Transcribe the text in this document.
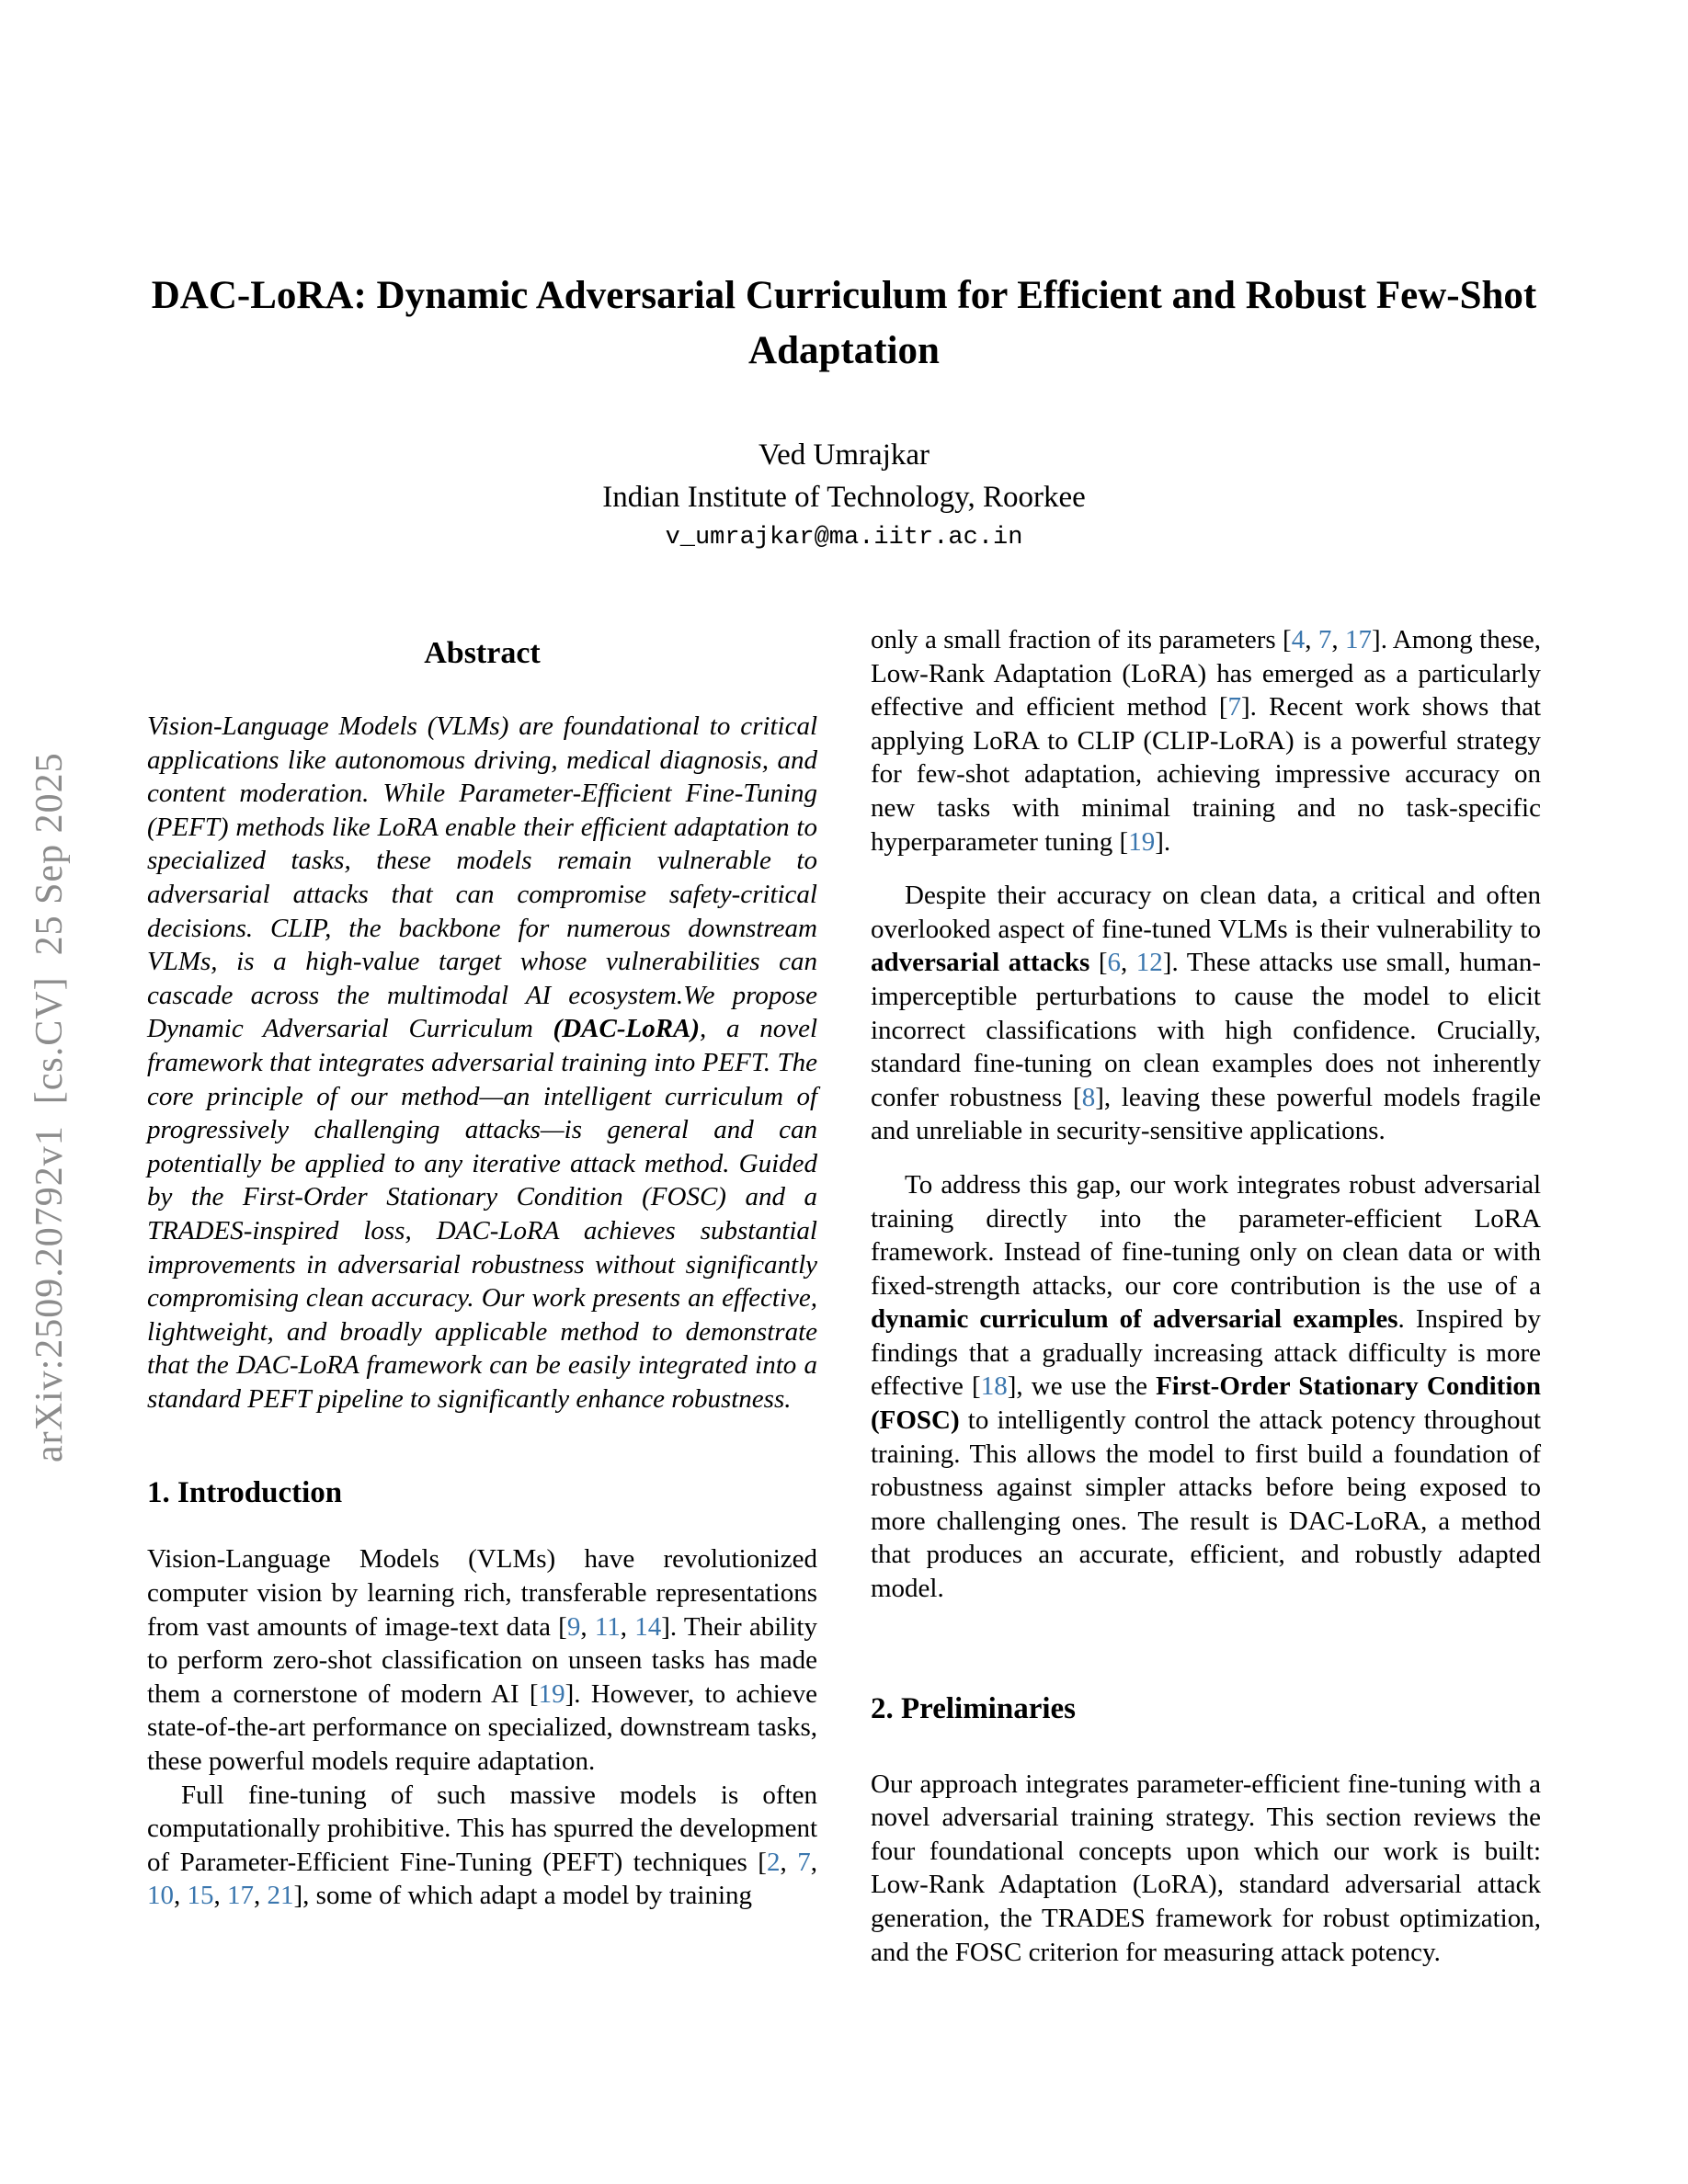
arXiv:2509.20792v1  [cs.CV]  25 Sep 2025
DAC-LoRA: Dynamic Adversarial Curriculum for Efficient and Robust Few-Shot Adaptation
Ved Umrajkar
Indian Institute of Technology, Roorkee
v_umrajkar@ma.iitr.ac.in
Abstract

Vision-Language Models (VLMs) are foundational to critical applications like autonomous driving, medical diagnosis, and content moderation. While Parameter-Efficient Fine-Tuning (PEFT) methods like LoRA enable their efficient adaptation to specialized tasks, these models remain vulnerable to adversarial attacks that can compromise safety-critical decisions. CLIP, the backbone for numerous downstream VLMs, is a high-value target whose vulnerabilities can cascade across the multimodal AI ecosystem.We propose Dynamic Adversarial Curriculum (DAC-LoRA), a novel framework that integrates adversarial training into PEFT. The core principle of our method—an intelligent curriculum of progressively challenging attacks—is general and can potentially be applied to any iterative attack method. Guided by the First-Order Stationary Condition (FOSC) and a TRADES-inspired loss, DAC-LoRA achieves substantial improvements in adversarial robustness without significantly compromising clean accuracy. Our work presents an effective, lightweight, and broadly applicable method to demonstrate that the DAC-LoRA framework can be easily integrated into a standard PEFT pipeline to significantly enhance robustness.

1. Introduction

Vision-Language Models (VLMs) have revolutionized computer vision by learning rich, transferable representations from vast amounts of image-text data [9, 11, 14]. Their ability to perform zero-shot classification on unseen tasks has made them a cornerstone of modern AI [19]. However, to achieve state-of-the-art performance on specialized, downstream tasks, these powerful models require adaptation.

Full fine-tuning of such massive models is often computationally prohibitive. This has spurred the development of Parameter-Efficient Fine-Tuning (PEFT) techniques [2, 7, 10, 15, 17, 21], some of which adapt a model by training

only a small fraction of its parameters [4, 7, 17]. Among these, Low-Rank Adaptation (LoRA) has emerged as a particularly effective and efficient method [7]. Recent work shows that applying LoRA to CLIP (CLIP-LoRA) is a powerful strategy for few-shot adaptation, achieving impressive accuracy on new tasks with minimal training and no task-specific hyperparameter tuning [19].

Despite their accuracy on clean data, a critical and often overlooked aspect of fine-tuned VLMs is their vulnerability to adversarial attacks [6, 12]. These attacks use small, human-imperceptible perturbations to cause the model to elicit incorrect classifications with high confidence. Crucially, standard fine-tuning on clean examples does not inherently confer robustness [8], leaving these powerful models fragile and unreliable in security-sensitive applications.

To address this gap, our work integrates robust adversarial training directly into the parameter-efficient LoRA framework. Instead of fine-tuning only on clean data or with fixed-strength attacks, our core contribution is the use of a dynamic curriculum of adversarial examples. Inspired by findings that a gradually increasing attack difficulty is more effective [18], we use the First-Order Stationary Condition (FOSC) to intelligently control the attack potency throughout training. This allows the model to first build a foundation of robustness against simpler attacks before being exposed to more challenging ones. The result is DAC-LoRA, a method that produces an accurate, efficient, and robustly adapted model.

2. Preliminaries

Our approach integrates parameter-efficient fine-tuning with a novel adversarial training strategy. This section reviews the four foundational concepts upon which our work is built: Low-Rank Adaptation (LoRA), standard adversarial attack generation, the TRADES framework for robust optimization, and the FOSC criterion for measuring attack potency.
